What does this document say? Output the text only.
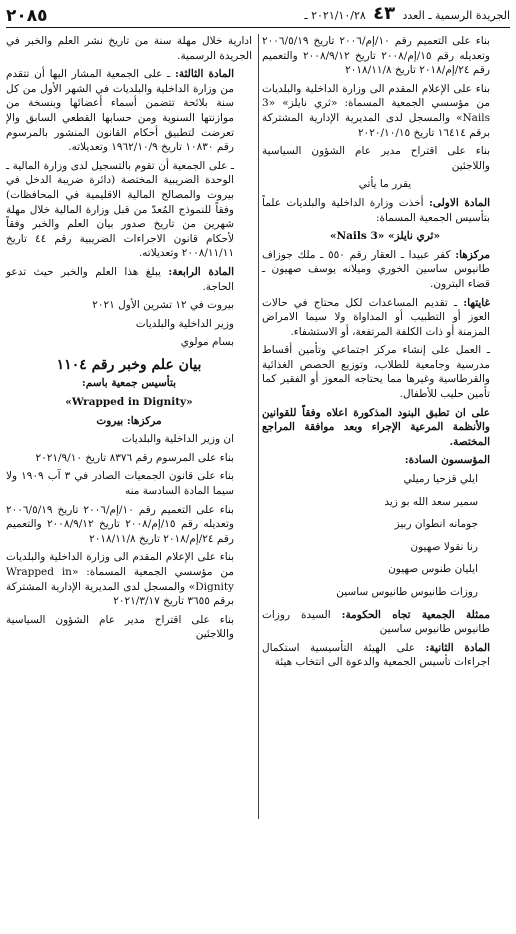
الجريدة الرسمية ـ العدد ٤٣ ٢٠٢١/١٠/٢٨ ـ
٢٠٨٥

بناء على التعميم رقم ١٠/إم/٢٠٠٦ تاريخ ٢٠٠٦/٥/١٩ وتعديله رقم ١٥/إم/٢٠٠٨ تاريخ ٢٠٠٨/٩/١٢ والتعميم رقم ٢٤/إم/٢٠١٨ تاريخ ٢٠١٨/١١/٨

بناء على الإعلام المقدم الى وزارة الداخلية والبلديات من مؤسسي الجمعية المسماة: «ثري نايلز» «3 Nails» والمسجل لدى المديرية الإدارية المشتركة برقم ١٦٤١٤ تاريخ ٢٠٢٠/١٠/١٥

بناء على اقتراح مدير عام الشؤون السياسية واللاجئين

يقرر ما يأتي

المادة الاولى: أخذت وزارة الداخلية والبلديات علماً بتأسيس الجمعية المسماة:

«ثري نايلز» «3 Nails»

مركزها: كفر عبيدا ـ العقار رقم ٥٥٠ ـ ملك جوزاف طانيوس ساسين الخوري وميلانه يوسف صهيون ـ قضاء البترون.

غايتها: ـ تقديم المساعدات لكل محتاج في حالات العوز أو التطبيب أو المداواة ولا سيما الامراض المزمنة أو ذات الكلفة المرتفعة، أو الاستشفاء.

ـ العمل على إنشاء مركز اجتماعي وتأمين أقساط مدرسية وجامعية للطلاب، وتوزيع الحصص الغذائية والقرطاسية وغيرها مما يحتاجه المعوز أو الفقير كما تأمين حليب للأطفال.

على ان تطبق البنود المذكورة اعلاه وفقاً للقوانين والأنظمة المرعية الإجراء وبعد موافقة المراجع المختصة.

المؤسسون السادة:

ايلي قزحيا رميلي
سمير سعد الله بو زيد
جومانه انطوان ربيز
رنا نقولا صهيون
ايليان طنوس صهيون
روزات طانيوس طانيوس ساسين

ممثلة الجمعية تجاه الحكومة: السيدة روزات طانيوس طانيوس ساسين

المادة الثانية: على الهيئة التأسيسية استكمال اجراءات تأسيس الجمعية والدعوة الى انتخاب هيئة

ادارية خلال مهلة سنة من تاريخ نشر العلم والخبر في الجريدة الرسمية.

المادة الثالثة: ـ على الجمعية المشار اليها أن تتقدم من وزارة الداخلية والبلديات في الشهر الأول من كل سنة بلائحة تتضمن أسماء أعضائها وبنسخة من موازنتها السنوية ومن حسابها القطعي السابق والإ تعرضت لتطبيق أحكام القانون المنشور بالمرسوم رقم ١٠٨٣٠ تاريخ ١٩٦٢/١٠/٩ وتعديلاته.

ـ على الجمعية أن تقوم بالتسجيل لدى وزارة المالية ـ الوحدة الضريبية المختصة (دائرة ضريبة الدخل في بيروت والمصالح المالية الاقليمية في المحافظات) وفقاً للنموذج المُعدّ من قبل وزارة المالية خلال مهلة شهرين من تاريخ صدور بيان العلم والخبر وفقاً لأحكام قانون الاجراءات الضريبية رقم ٤٤ تاريخ ٢٠٠٨/١١/١١ وتعديلاته.

المادة الرابعة: يبلغ هذا العلم والخبر حيث تدعو الحاجة.

بيروت في ١٢ تشرين الأول ٢٠٢١

وزير الداخلية والبلديات

بسام مولوي

بيان علم وخبر رقم ١١٠٤

بتأسيس جمعية باسم:

«Wrapped in Dignity»

مركزها: بيروت

ان وزير الداخلية والبلديات

بناء على المرسوم رقم ٨٣٧٦ تاريخ ٢٠٢١/٩/١٠

بناء على قانون الجمعيات الصادر في ٣ آب ١٩٠٩ ولا سيما المادة السادسة منه

بناء على التعميم رقم ١٠/إم/٢٠٠٦ تاريخ ٢٠٠٦/٥/١٩ وتعديله رقم ١٥/إم/٢٠٠٨ تاريخ ٢٠٠٨/٩/١٢ والتعميم رقم ٢٤/إم/٢٠١٨ تاريخ ٢٠١٨/١١/٨

بناء على الإعلام المقدم الى وزارة الداخلية والبلديات من مؤسسي الجمعية المسماة: «Wrapped in Dignity» والمسجل لدى المديرية الإدارية المشتركة برقم ٣٦٥٥ تاريخ ٢٠٢١/٣/١٧

بناء على اقتراح مدير عام الشؤون السياسية واللاجئين
